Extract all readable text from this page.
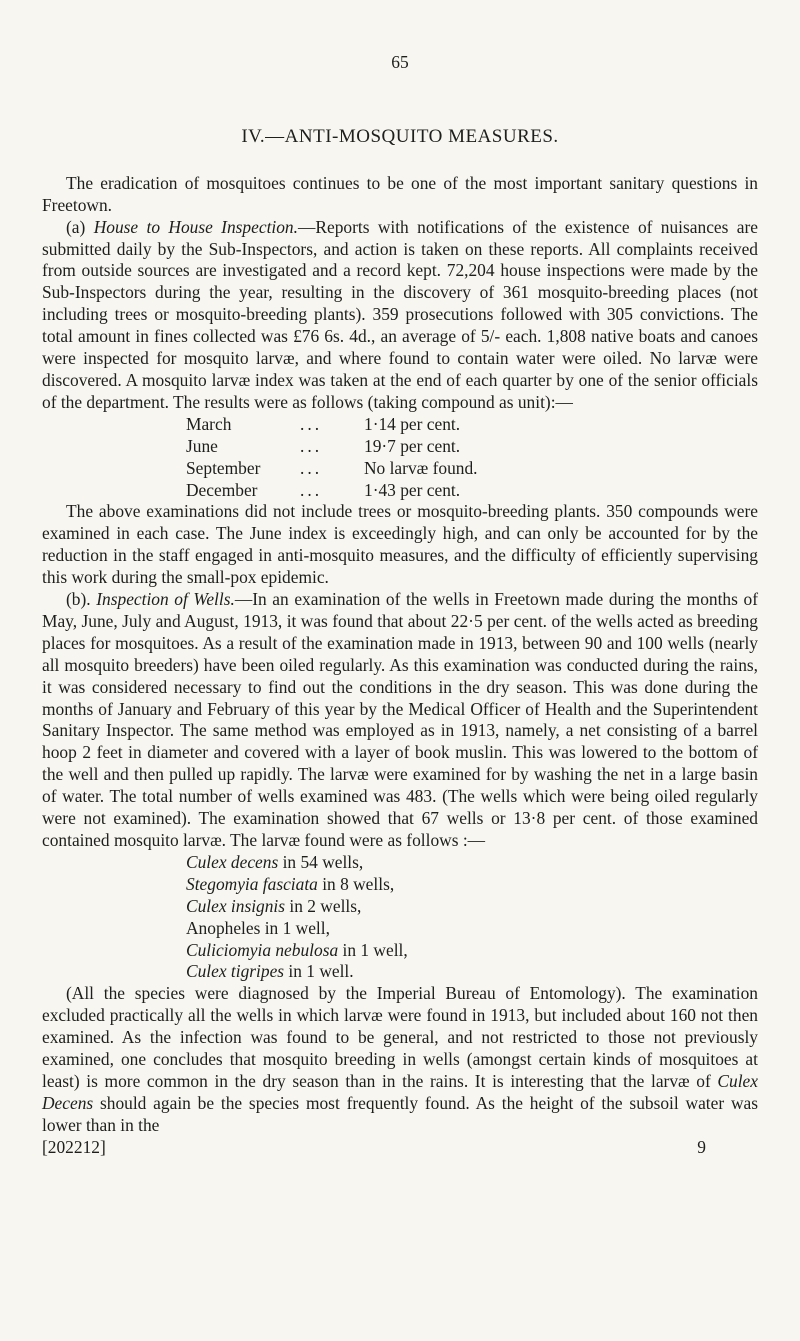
65
IV.—ANTI-MOSQUITO MEASURES.

The eradication of mosquitoes continues to be one of the most important sanitary questions in Freetown.

(a) House to House Inspection.—Reports with notifications of the existence of nuisances are submitted daily by the Sub-Inspectors, and action is taken on these reports. All complaints received from outside sources are investigated and a record kept. 72,204 house inspections were made by the Sub-Inspectors during the year, resulting in the discovery of 361 mosquito-breeding places (not including trees or mosquito-breeding plants). 359 prosecutions followed with 305 convictions. The total amount in fines collected was £76 6s. 4d., an average of 5/- each. 1,808 native boats and canoes were inspected for mosquito larvæ, and where found to contain water were oiled. No larvæ were discovered. A mosquito larvæ index was taken at the end of each quarter by one of the senior officials of the department. The results were as follows (taking compound as unit):—

March	...	1·14 per cent.
June	...	19·7 per cent.
September	...	No larvæ found.
December	...	1·43 per cent.

The above examinations did not include trees or mosquito-breeding plants. 350 compounds were examined in each case. The June index is exceedingly high, and can only be accounted for by the reduction in the staff engaged in anti-mosquito measures, and the difficulty of efficiently supervising this work during the small-pox epidemic.

(b). Inspection of Wells.—In an examination of the wells in Freetown made during the months of May, June, July and August, 1913, it was found that about 22·5 per cent. of the wells acted as breeding places for mosquitoes. As a result of the examination made in 1913, between 90 and 100 wells (nearly all mosquito breeders) have been oiled regularly. As this examination was conducted during the rains, it was considered necessary to find out the conditions in the dry season. This was done during the months of January and February of this year by the Medical Officer of Health and the Superintendent Sanitary Inspector. The same method was employed as in 1913, namely, a net consisting of a barrel hoop 2 feet in diameter and covered with a layer of book muslin. This was lowered to the bottom of the well and then pulled up rapidly. The larvæ were examined for by washing the net in a large basin of water. The total number of wells examined was 483. (The wells which were being oiled regularly were not examined). The examination showed that 67 wells or 13·8 per cent. of those examined contained mosquito larvæ. The larvæ found were as follows :—

Culex decens in 54 wells,
Stegomyia fasciata in 8 wells,
Culex insignis in 2 wells,
Anopheles in 1 well,
Culiciomyia nebulosa in 1 well,
Culex tigripes in 1 well.

(All the species were diagnosed by the Imperial Bureau of Entomology). The examination excluded practically all the wells in which larvæ were found in 1913, but included about 160 not then examined. As the infection was found to be general, and not restricted to those not previously examined, one concludes that mosquito breeding in wells (amongst certain kinds of mosquitoes at least) is more common in the dry season than in the rains. It is interesting that the larvæ of Culex Decens should again be the species most frequently found. As the height of the subsoil water was lower than in the

[202212]	9
